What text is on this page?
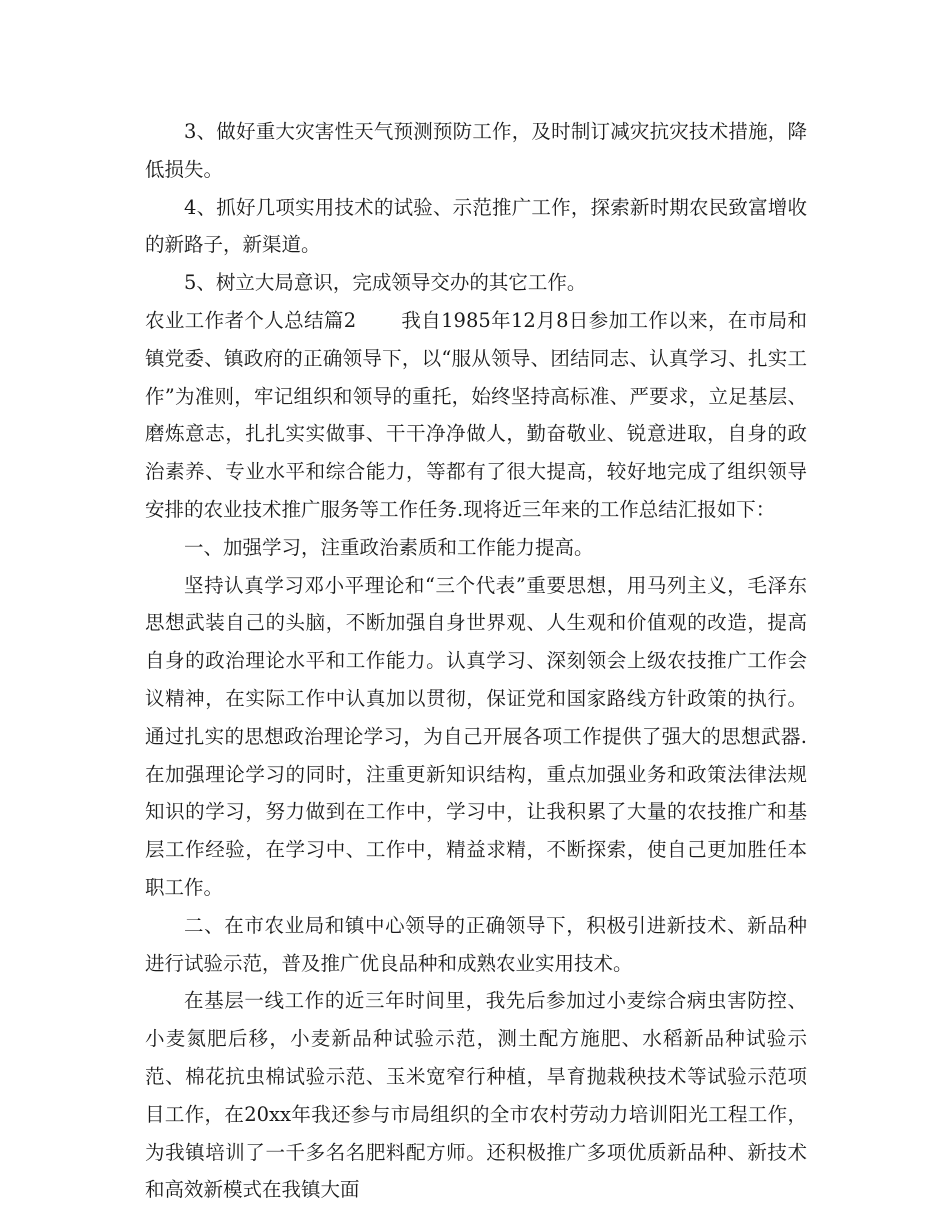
3、做好重大灾害性天气预测预防工作，及时制订减灾抗灾技术措施，降低损失。

4、抓好几项实用技术的试验、示范推广工作，探索新时期农民致富增收的新路子，新渠道。

5、树立大局意识，完成领导交办的其它工作。

农业工作者个人总结篇2 我自1985年12月8日参加工作以来，在市局和镇党委、镇政府的正确领导下，以“服从领导、团结同志、认真学习、扎实工作”为准则，牢记组织和领导的重托，始终坚持高标准、严要求，立足基层、磨炼意志，扎扎实实做事、干干净净做人，勤奋敬业、锐意进取，自身的政治素养、专业水平和综合能力，等都有了很大提高，较好地完成了组织领导安排的农业技术推广服务等工作任务.现将近三年来的工作总结汇报如下：

一、加强学习，注重政治素质和工作能力提高。

坚持认真学习邓小平理论和“三个代表”重要思想，用马列主义，毛泽东思想武装自己的头脑，不断加强自身世界观、人生观和价值观的改造，提高自身的政治理论水平和工作能力。认真学习、深刻领会上级农技推广工作会议精神，在实际工作中认真加以贯彻，保证党和国家路线方针政策的执行。通过扎实的思想政治理论学习，为自己开展各项工作提供了强大的思想武器.在加强理论学习的同时，注重更新知识结构，重点加强业务和政策法律法规知识的学习，努力做到在工作中，学习中，让我积累了大量的农技推广和基层工作经验，在学习中、工作中，精益求精，不断探索，使自己更加胜任本职工作。

二、在市农业局和镇中心领导的正确领导下，积极引进新技术、新品种进行试验示范，普及推广优良品种和成熟农业实用技术。

在基层一线工作的近三年时间里，我先后参加过小麦综合病虫害防控、小麦氮肥后移，小麦新品种试验示范，测土配方施肥、水稻新品种试验示范、棉花抗虫棉试验示范、玉米宽窄行种植，旱育抛栽秧技术等试验示范项目工作，在20xx年我还参与市局组织的全市农村劳动力培训阳光工程工作，为我镇培训了一千多名名肥料配方师。还积极推广多项优质新品种、新技术和高效新模式在我镇大面
